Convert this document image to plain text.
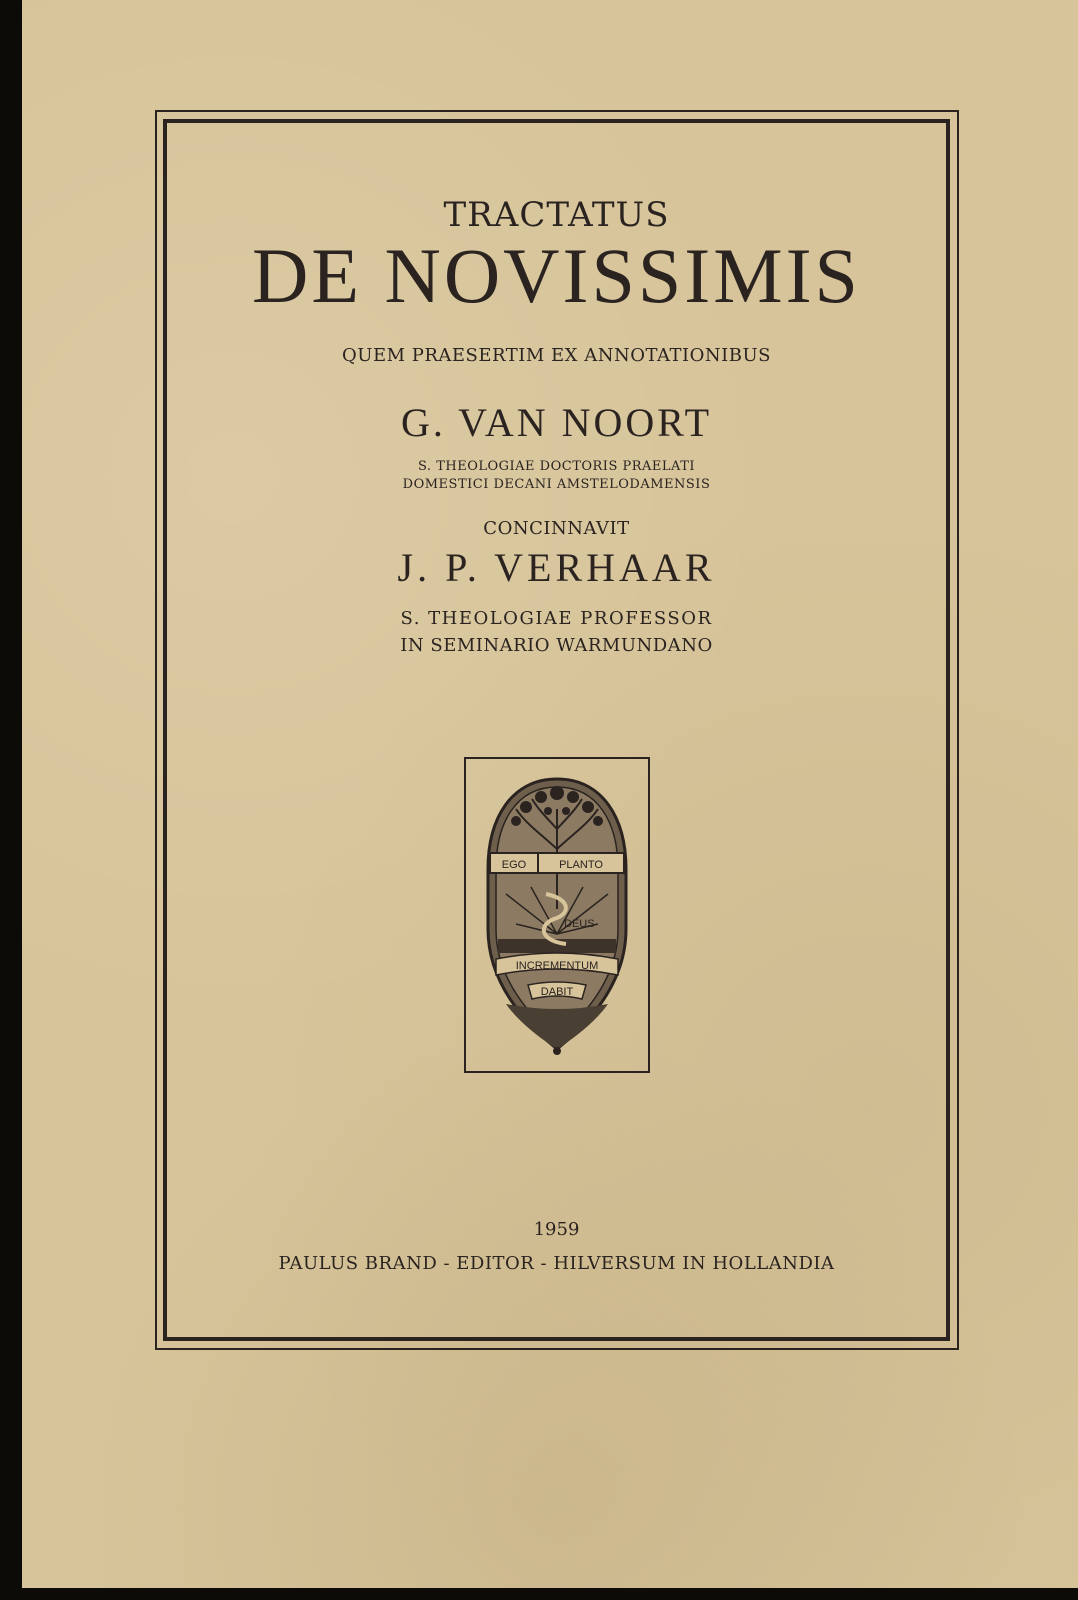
TRACTATUS
DE NOVISSIMIS
QUEM PRAESERTIM EX ANNOTATIONIBUS
G. VAN NOORT
S. THEOLOGIAE DOCTORIS PRAELATI
DOMESTICI DECANI AMSTELODAMENSIS
CONCINNAVIT
J. P. VERHAAR
S. THEOLOGIAE PROFESSOR
IN SEMINARIO WARMUNDANO
EGO	PLANTO
DEUS
INCREMENTUM
DABIT
1959
PAULUS BRAND - EDITOR - HILVERSUM IN HOLLANDIA
